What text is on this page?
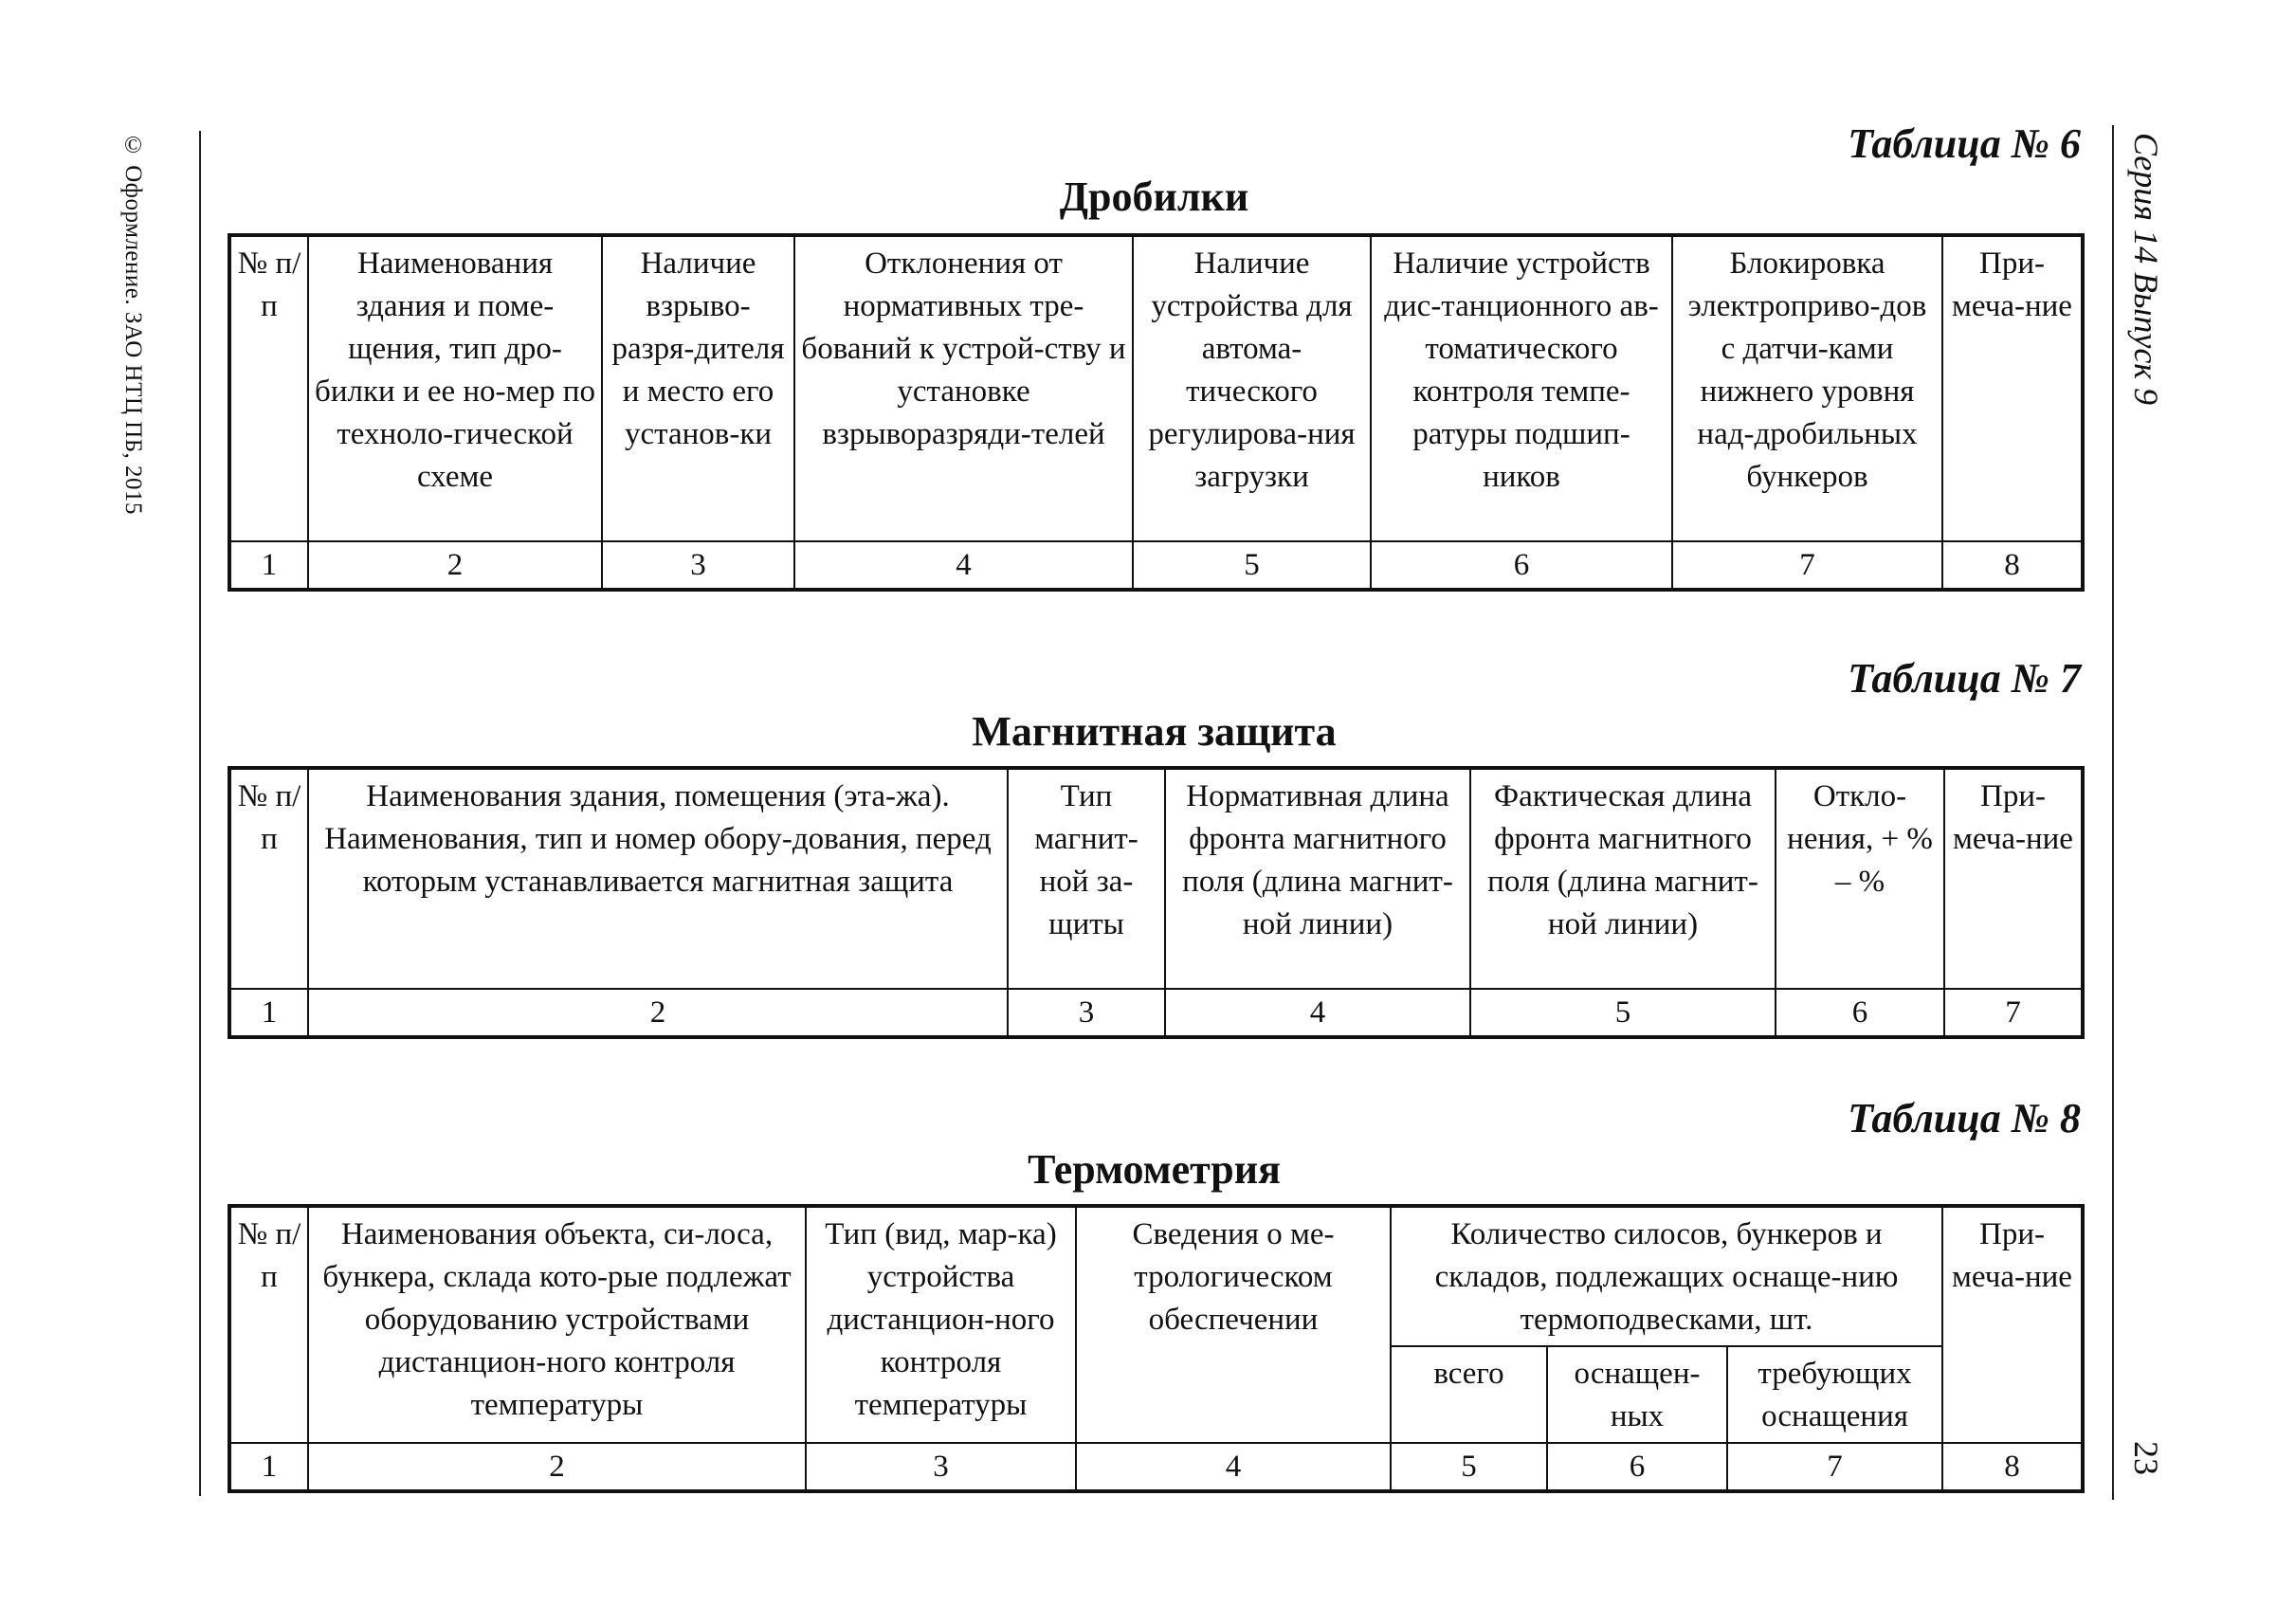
© Оформление. ЗАО НТЦ ПБ, 2015	Серия 14 Выпуск 9
23
Таблица № 6
Дробилки
№ п/п	Наименования здания и поме-щения, тип дро-билки и ее но-мер по техноло-гической схеме	Наличие взрыво-разря-дителя и место его установ-ки	Отклонения от нормативных тре-бований к устрой-ству и установке взрыворазряди-телей	Наличие устройства для автома-тического регулирова-ния загрузки	Наличие устройств дис-танционного ав-томатического контроля темпе-ратуры подшип-ников	Блокировка электроприво-дов с датчи-ками нижнего уровня над-дробильных бункеров	При-меча-ние
1	2	3	4	5	6	7	8
Таблица № 7
Магнитная защита
№ п/п	Наименования здания, помещения (эта-жа). Наименования, тип и номер обору-дования, перед которым устанавливается магнитная защита	Тип магнит-ной за-щиты	Нормативная длина фронта магнитного поля (длина магнит-ной линии)	Фактическая длина фронта магнитного поля (длина магнит-ной линии)	Откло-нения, + % – %	При-меча-ние
1	2	3	4	5	6	7
Таблица № 8
Термометрия
№ п/п	Наименования объекта, си-лоса, бункера, склада кото-рые подлежат оборудованию устройствами дистанцион-ного контроля температуры	Тип (вид, мар-ка) устройства дистанцион-ного контроля температуры	Сведения о ме-трологическом обеспечении	Количество силосов, бункеров и складов, подлежащих оснаще-нию термоподвесками, шт.			При-меча-ние
				всего	оснащен-ных	требующих оснащения	
1	2	3	4	5	6	7	8
